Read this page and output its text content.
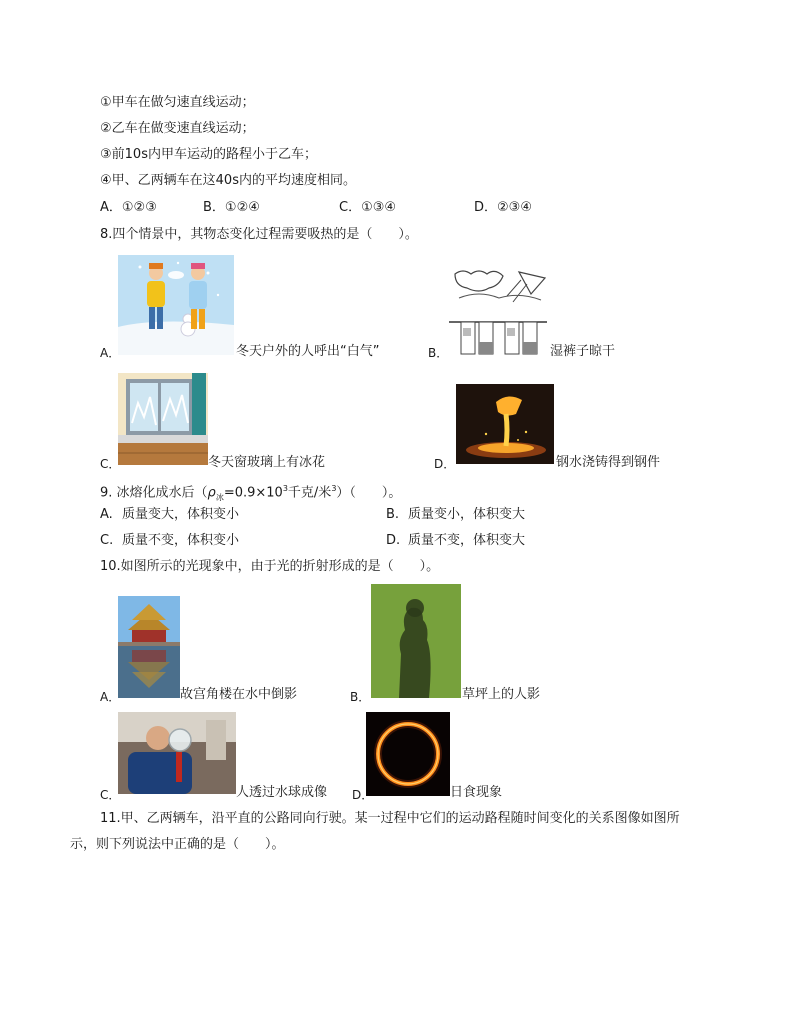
①甲车在做匀速直线运动；
②乙车在做变速直线运动；
③前10s内甲车运动的路程小于乙车；
④甲、乙两辆车在这40s内的平均速度相同。
A．①②③	B．①②④	C．①③④	D．②③④
8.四个情景中，其物态变化过程需要吸热的是（　　）。
A．	冬天户外的人呼出“白气”	B．	湿裤子晾干
C．	冬天窗玻璃上有冰花	D．	钢水浇铸得到钢件
9. 冰熔化成水后（$\rho_冰=0.9\times 10^3$千克/米$^3$）（　　）。
A. 质量变大，体积变小	B. 质量变小，体积变大
C. 质量不变，体积变小	D. 质量不变，体积变大
10.如图所示的光现象中，由于光的折射形成的是（　　）。
A．	故宫角楼在水中倒影	B．	草坪上的人影
C．	人透过水球成像 D．	日食现象
11.甲、乙两辆车，沿平直的公路同向行驶。某一过程中它们的运动路程随时间变化的关系图像如图所
示，则下列说法中正确的是（　　）。
